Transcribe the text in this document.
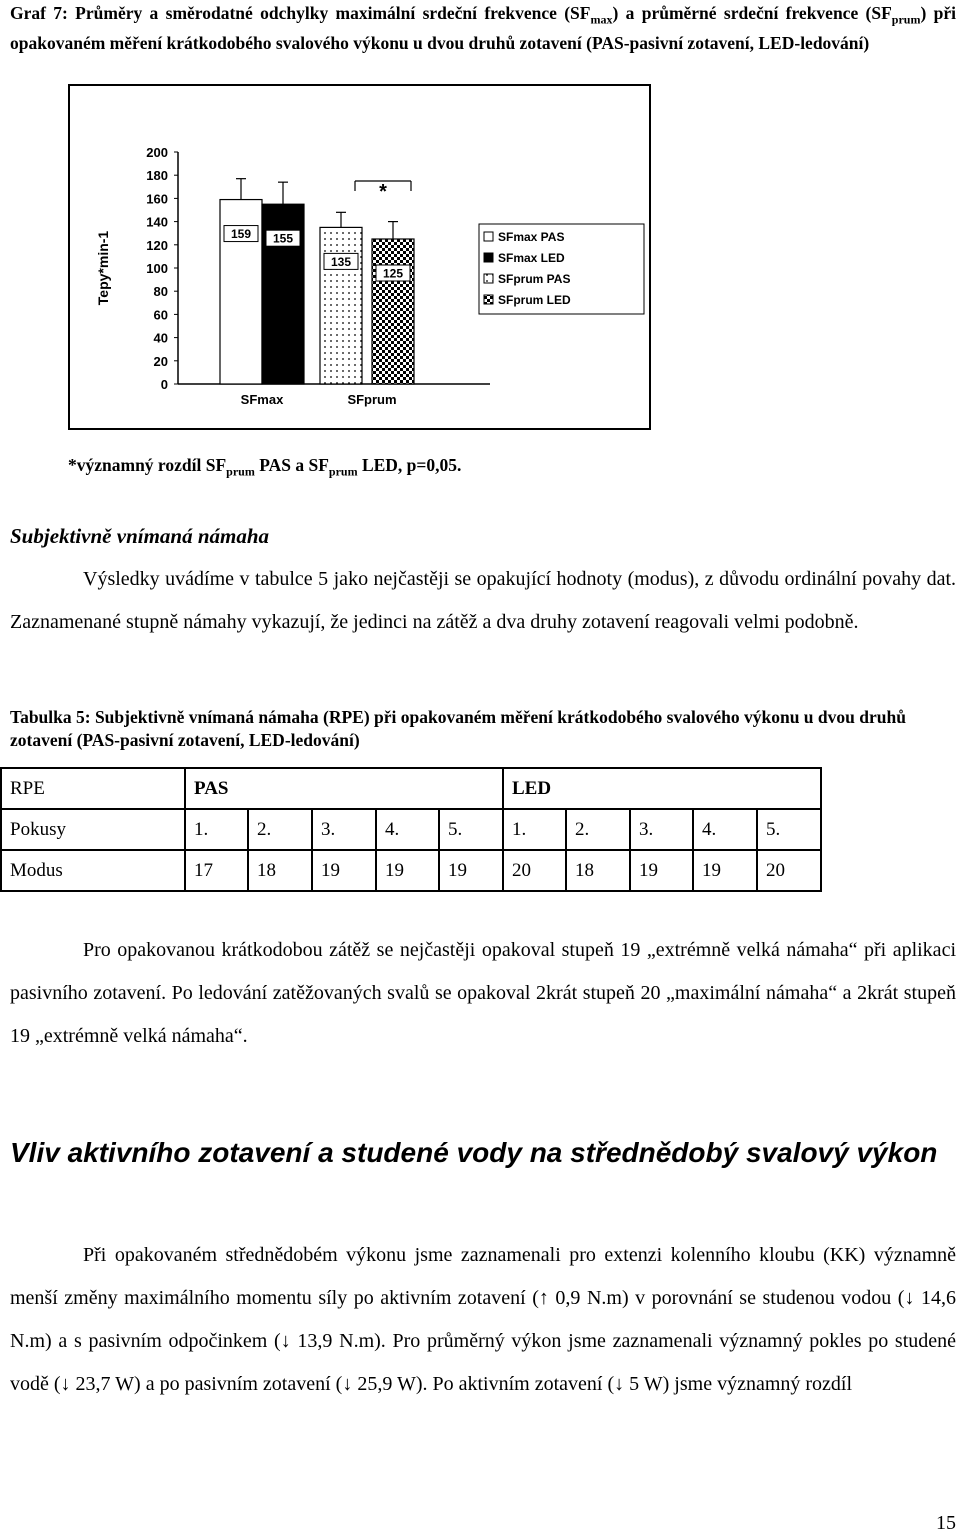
Graf 7: Průměry a směrodatné odchylky maximální srdeční frekvence $(SF_{max})$ a průměrné srdeční frekvence $(SF_{prum})$ při opakovaném měření krátkodobého svalového výkonu u dvou druhů zotavení (PAS-pasivní zotavení, LED-ledování)
0
20
40
60
80
100
120
140
160
180
200
Tepy*min-1
SFmax	SFprum
159 155
135
125
*
SFmax PAS
SFmax LED
SFprum PAS
SFprum LED
*významný rozdíl $SF_{prum}$ PAS a $SF_{prum}$ LED, p=0,05.
Subjektivně vnímaná námaha

Výsledky uvádíme v tabulce 5 jako nejčastěji se opakující hodnoty (modus), z důvodu ordinální povahy dat. Zaznamenané stupně námahy vykazují, že jedinci na zátěž a dva druhy zotavení reagovali velmi podobně.

Tabulka 5: Subjektivně vnímaná námaha (RPE) při opakovaném měření krátkodobého svalového výkonu u dvou druhů zotavení (PAS-pasivní zotavení, LED-ledování)
RPE	PAS					LED				
Pokusy	1.	2.	3.	4.	5.	1.	2.	3.	4.	5.
Modus	17	18	19	19	19	20	18	19	19	20

Pro opakovanou krátkodobou zátěž se nejčastěji opakoval stupeň 19 „extrémně velká námaha“ při aplikaci pasivního zotavení. Po ledování zatěžovaných svalů se opakoval 2krát stupeň 20 „maximální námaha“ a 2krát stupeň 19 „extrémně velká námaha“.

Vliv aktivního zotavení a studené vody na střednědobý svalový výkon

Při opakovaném střednědobém výkonu jsme zaznamenali pro extenzi kolenního kloubu (KK) významně menší změny maximálního momentu síly po aktivním zotavení (↑ 0,9 N.m) v porovnání se studenou vodou (↓ 14,6 N.m) a s pasivním odpočinkem (↓ 13,9 N.m). Pro průměrný výkon jsme zaznamenali významný pokles po studené vodě (↓ 23,7 W) a po pasivním zotavení (↓ 25,9 W). Po aktivním zotavení (↓ 5 W) jsme významný rozdíl

15
